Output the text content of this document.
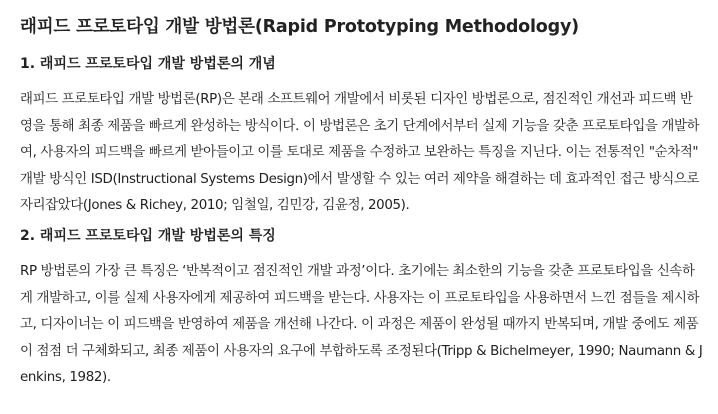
래피드 프로토타입 개발 방법론(Rapid Prototyping Methodology)
1. 래피드 프로토타입 개발 방법론의 개념

래피드 프로토타입 개발 방법론(RP)은 본래 소프트웨어 개발에서 비롯된 디자인 방법론으로, 점진적인 개선과 피드백 반영을 통해 최종 제품을 빠르게 완성하는 방식이다. 이 방법론은 초기 단계에서부터 실제 기능을 갖춘 프로토타입을 개발하여, 사용자의 피드백을 빠르게 받아들이고 이를 토대로 제품을 수정하고 보완하는 특징을 지닌다. 이는 전통적인 "순차적" 개발 방식인 ISD(Instructional Systems Design)에서 발생할 수 있는 여러 제약을 해결하는 데 효과적인 접근 방식으로 자리잡았다(Jones & Richey, 2010; 임철일, 김민강, 김윤정, 2005).

2. 래피드 프로토타입 개발 방법론의 특징

RP 방법론의 가장 큰 특징은 ‘반복적이고 점진적인 개발 과정’이다. 초기에는 최소한의 기능을 갖춘 프로토타입을 신속하게 개발하고, 이를 실제 사용자에게 제공하여 피드백을 받는다. 사용자는 이 프로토타입을 사용하면서 느낀 점들을 제시하고, 디자이너는 이 피드백을 반영하여 제품을 개선해 나간다. 이 과정은 제품이 완성될 때까지 반복되며, 개발 중에도 제품이 점점 더 구체화되고, 최종 제품이 사용자의 요구에 부합하도록 조정된다(Tripp & Bichelmeyer, 1990; Naumann & Jenkins, 1982).
